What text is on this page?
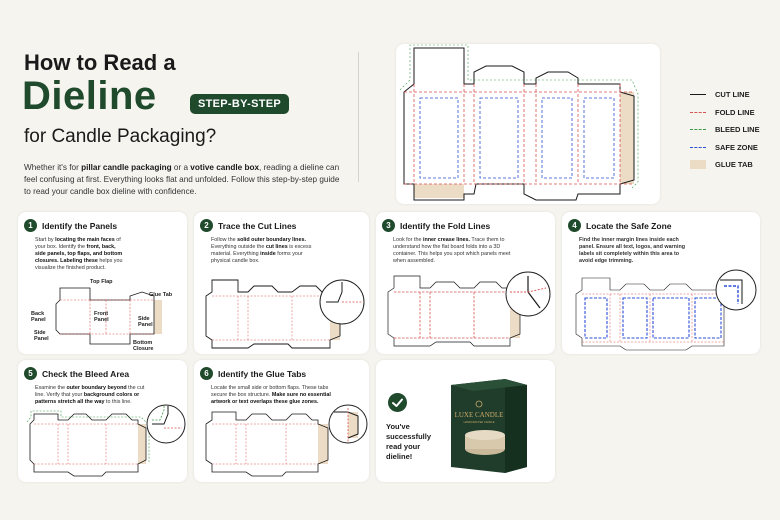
How to Read a
Dieline	STEP-BY-STEP
for Candle Packaging?
Whether it's for pillar candle packaging or a votive candle box, reading a dieline can feel confusing at first. Everything looks flat and unfolded. Follow this step-by-step guide to read your candle box dieline with confidence.
CUT LINE
FOLD LINE
BLEED LINE
SAFE ZONE
GLUE TAB
1	Identify the Panels
Start by locating the main faces of your box. Identify the front, back, side panels, top flaps, and bottom closures. Labeling these helps you visualize the finished product.
Top Flap
Glue Tab
Back Panel
Front Panel
Side Panel
Side Panel
Bottom Closure
2	Trace the Cut Lines
Follow the solid outer boundary lines. Everything outside the cut lines is excess material. Everything inside forms your physical candle box.
3	Identify the Fold Lines
Look for the inner crease lines. Trace them to understand how the flat board folds into a 3D container. This helps you spot which panels meet when assembled.
4	Locate the Safe Zone
Find the inner margin lines inside each panel. Ensure all text, logos, and warning labels sit completely within this area to avoid edge trimming.
5	Check the Bleed Area
Examine the outer boundary beyond the cut line. Verify that your background colors or patterns stretch all the way to this line.
6	Identify the Glue Tabs
Locate the small side or bottom flaps. These tabs secure the box structure. Make sure no essential artwork or text overlaps these glue zones.
You've successfully read your dieline!
LUXE CANDLE
HANDCRAFTED CANDLE
